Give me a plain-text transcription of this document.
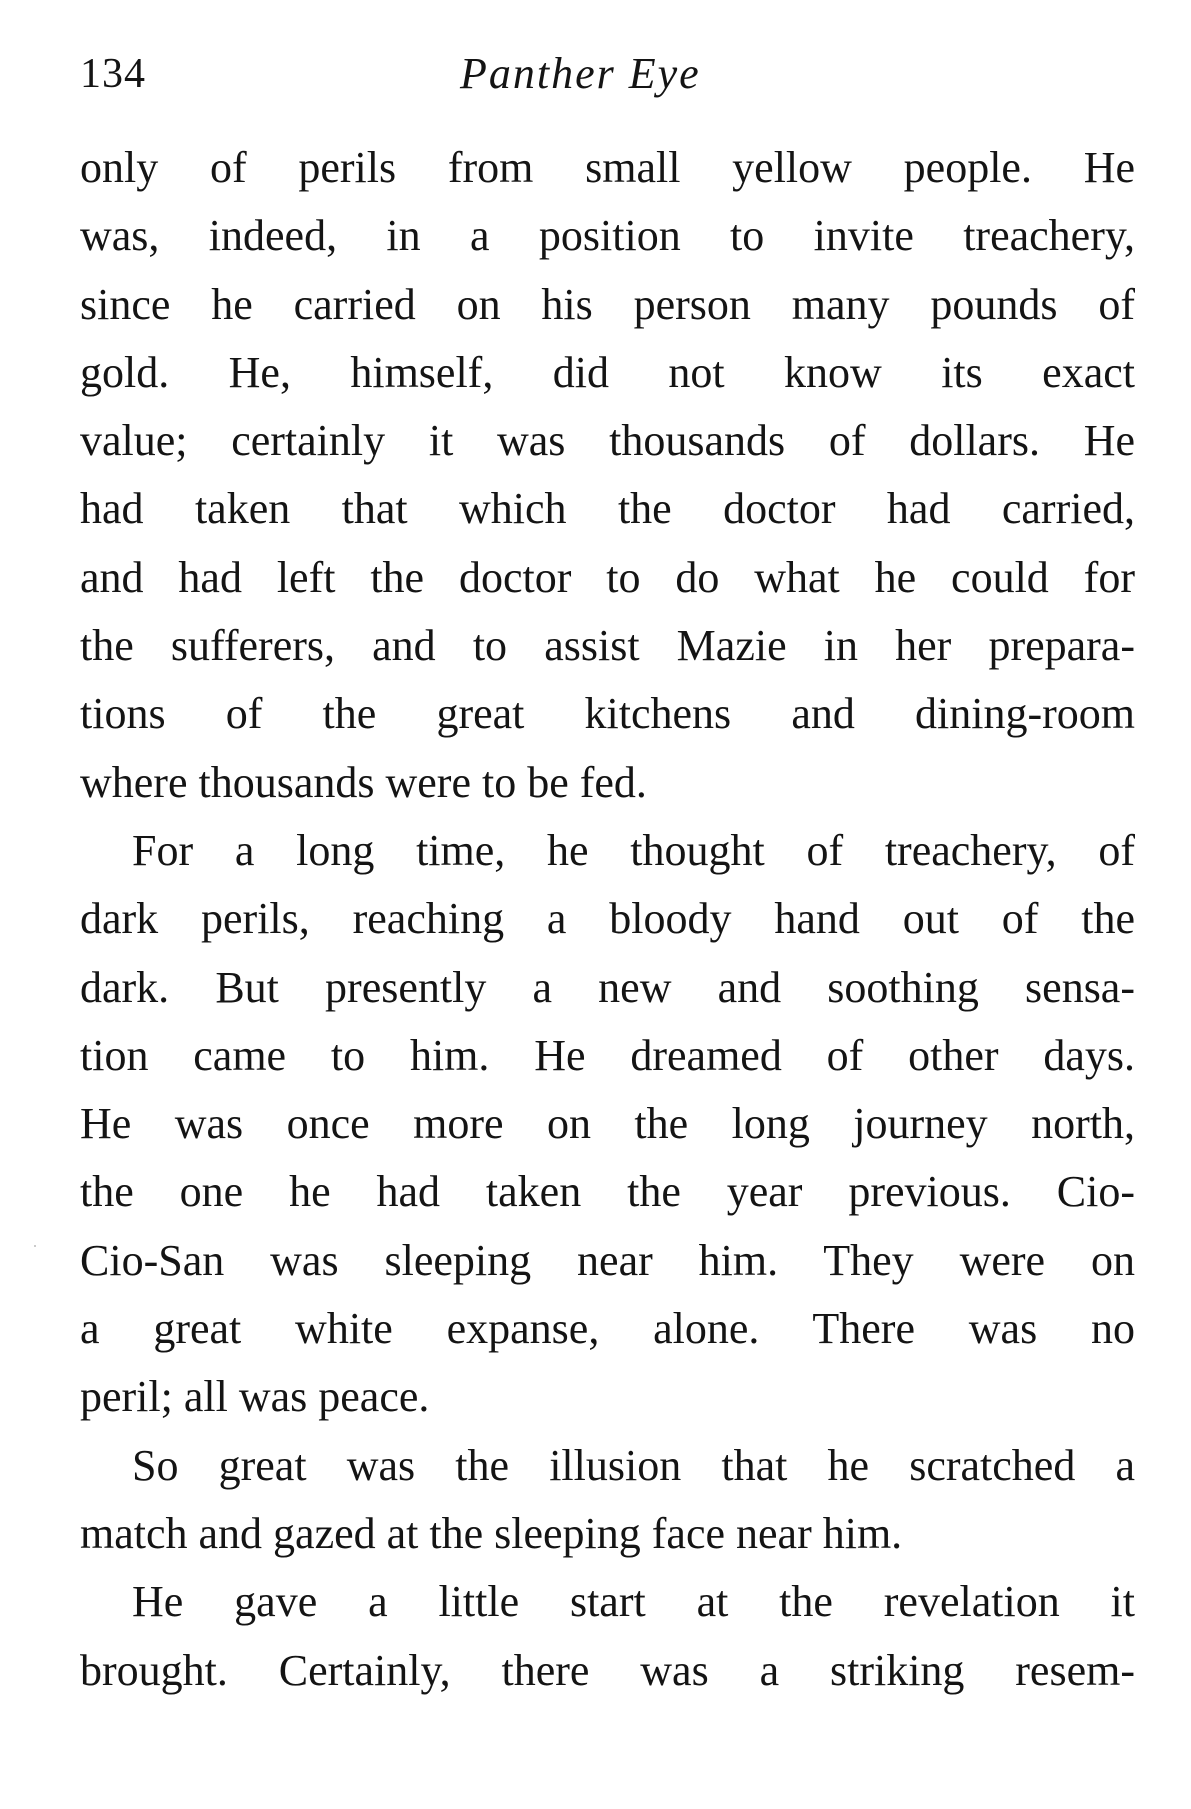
134	Panther Eye
only of perils from small yellow people. He
was, indeed, in a position to invite treachery,
since he carried on his person many pounds of
gold. He, himself, did not know its exact
value; certainly it was thousands of dollars. He
had taken that which the doctor had carried,
and had left the doctor to do what he could for
the sufferers, and to assist Mazie in her prepara-
tions of the great kitchens and dining-room
where thousands were to be fed.
For a long time, he thought of treachery, of
dark perils, reaching a bloody hand out of the
dark. But presently a new and soothing sensa-
tion came to him. He dreamed of other days.
He was once more on the long journey north,
the one he had taken the year previous. Cio-
Cio-San was sleeping near him. They were on
a great white expanse, alone. There was no
peril; all was peace.
So great was the illusion that he scratched a
match and gazed at the sleeping face near him.
He gave a little start at the revelation it
brought. Certainly, there was a striking resem-
